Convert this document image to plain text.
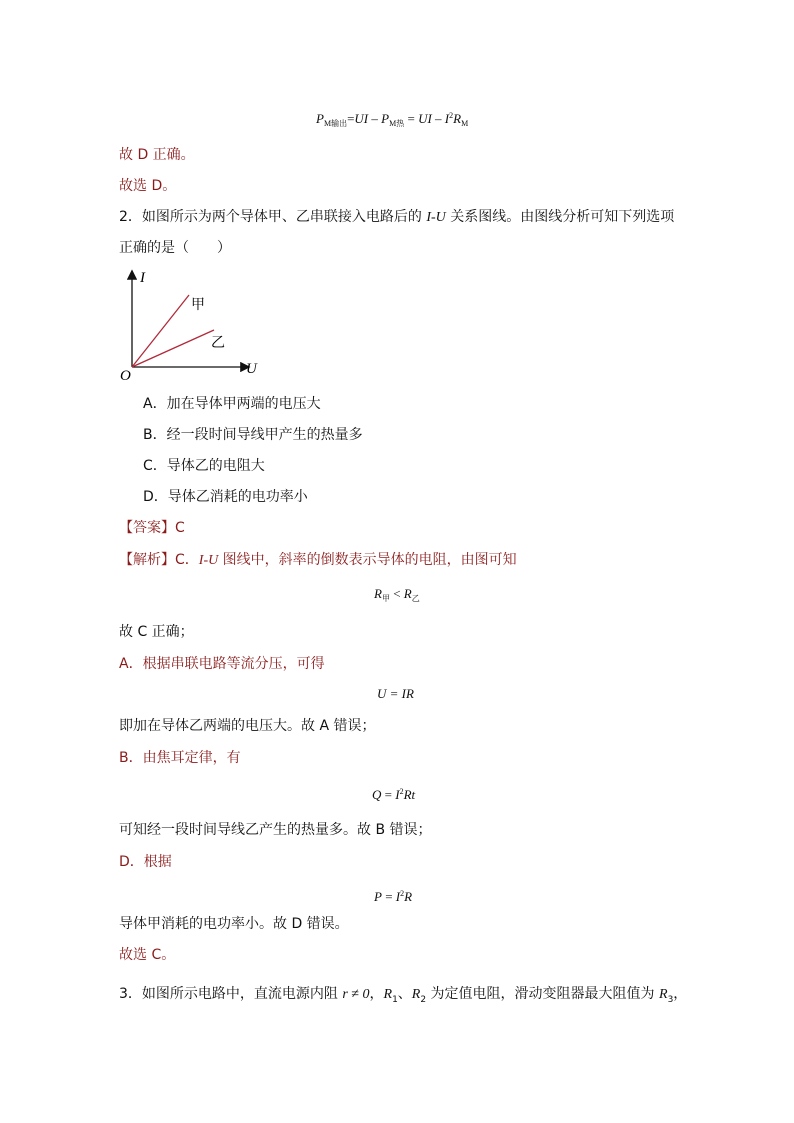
$P_{M输出}=UI - P_{M热}$ = UI – $I^2R_M$
故 D 正确。
故选 D。
2．如图所示为两个导体甲、乙串联接入电路后的 I-U 关系图线。由图线分析可知下列选项
正确的是（　　）
I
U
O
甲
乙
A．加在导体甲两端的电压大
B．经一段时间导线甲产生的热量多
C．导体乙的电阻大
D．导体乙消耗的电功率小
【答案】C
【解析】C．I-U 图线中，斜率的倒数表示导体的电阻，由图可知
$R_甲 < R_乙$
故 C 正确；
A．根据串联电路等流分压，可得
U = IR
即加在导体乙两端的电压大。故 A 错误；
B．由焦耳定律，有
$Q = I^2Rt$
可知经一段时间导线乙产生的热量多。故 B 错误；
D．根据
$P = I^2R$
导体甲消耗的电功率小。故 D 错误。
故选 C。
3．如图所示电路中，直流电源内阻 r ≠ 0，$R_1$、$R_2$ 为定值电阻，滑动变阻器最大阻值为 $R_3$，
